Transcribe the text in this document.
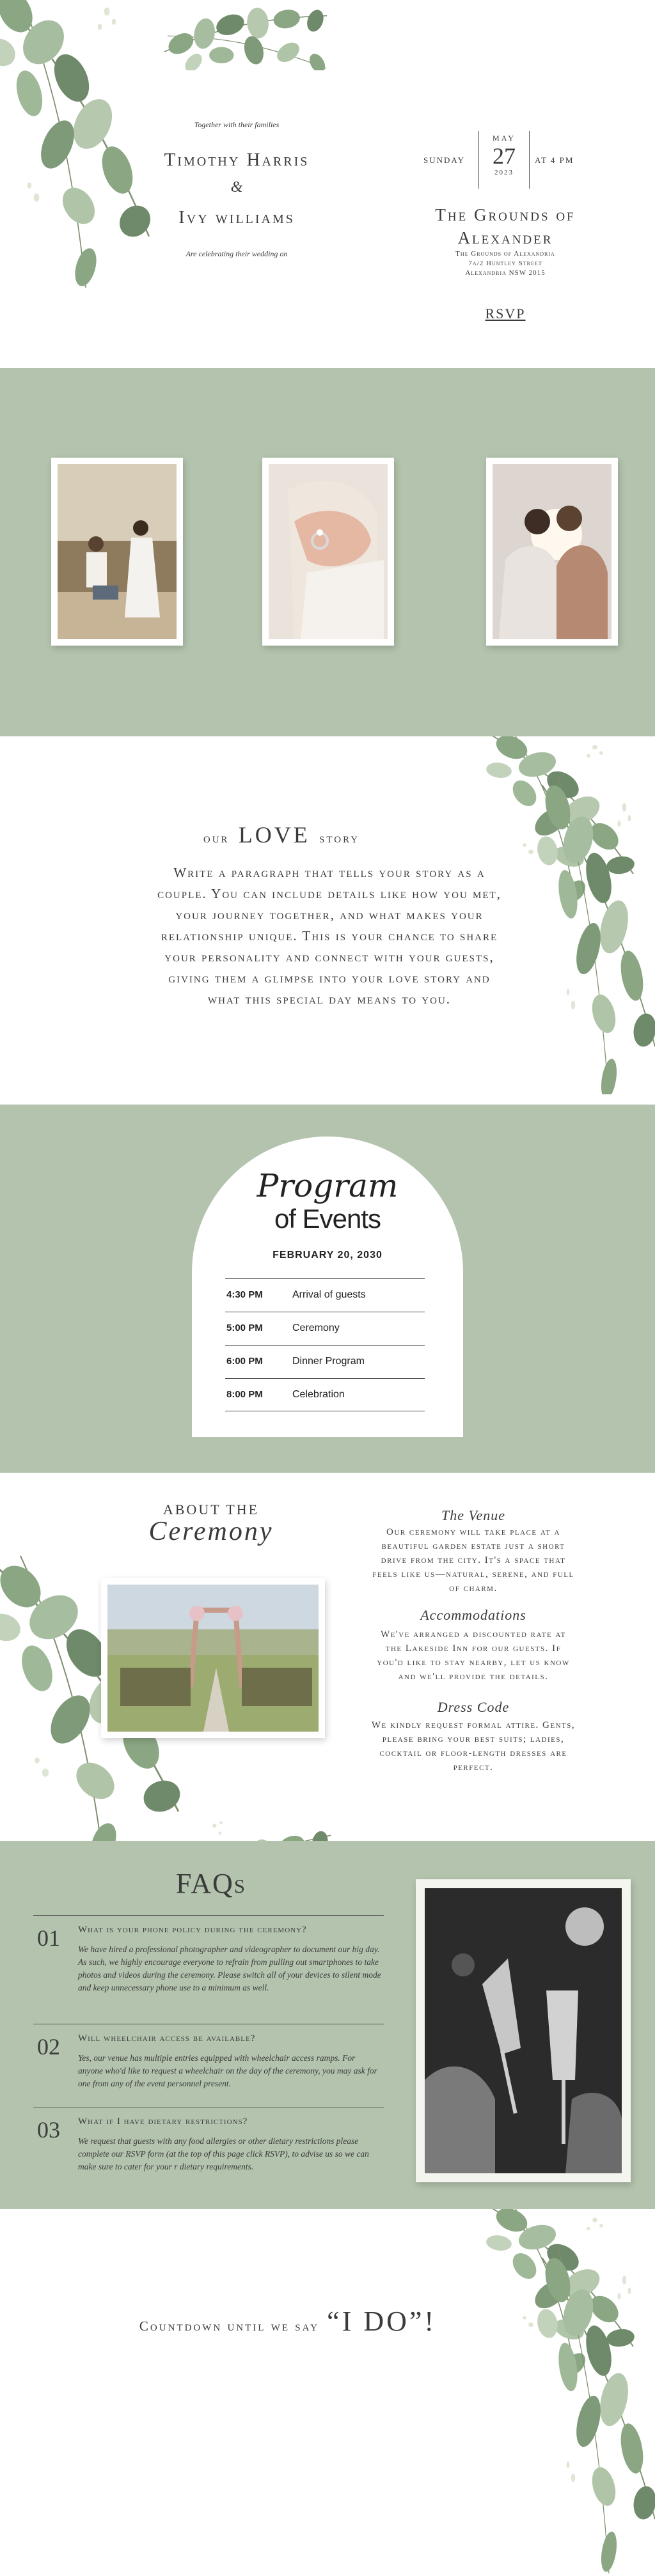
Together with their families
Timothy Harris
&
Ivy williams
Are celebrating their wedding on
SUNDAY
MAY
27
2023
AT 4 PM
The Grounds of
Alexander
The Grounds of Alexandria
7a/2 Huntley Street
Alexandria NSW 2015
RSVP
our LOVE story
Write a paragraph that tells your story as a couple. You can include details like how you met, your journey together, and what makes your relationship unique. This is your chance to share your personality and connect with your guests, giving them a glimpse into your love story and what this special day means to you.
Program
of Events
FEBRUARY 20, 2030
4:30 PM	Arrival of guests
5:00 PM	Ceremony
6:00 PM	Dinner Program
8:00 PM	Celebration
ABOUT THE
Ceremony
The Venue
Our ceremony will take place at a beautiful garden estate just a short drive from the city. It's a space that feels like us—natural, serene, and full of charm.
Accommodations
We've arranged a discounted rate at the Lakeside Inn for our guests. If you'd like to stay nearby, let us know and we'll provide the details.
Dress Code
We kindly request formal attire. Gents, please bring your best suits; ladies, cocktail or floor-length dresses are perfect.
FAQs
01 What is your phone policy during the ceremony?

We have hired a professional photographer and videographer to document our big day. As such, we highly encourage everyone to refrain from pulling out smartphones to take photos and videos during the ceremony. Please switch all of your devices to silent mode and keep unnecessary phone use to a minimum as well.

02 Will wheelchair access be available?

Yes, our venue has multiple entries equipped with wheelchair access ramps. For anyone who'd like to request a wheelchair on the day of the ceremony, you may ask for one from any of the event personnel present.

03 What if I have dietary restrictions?

We request that guests with any food allergies or other dietary restrictions please complete our RSVP form (at the top of this page click RSVP), to advise us so we can make sure to cater for your r dietary requirements.

Countdown until we say “I DO”!
